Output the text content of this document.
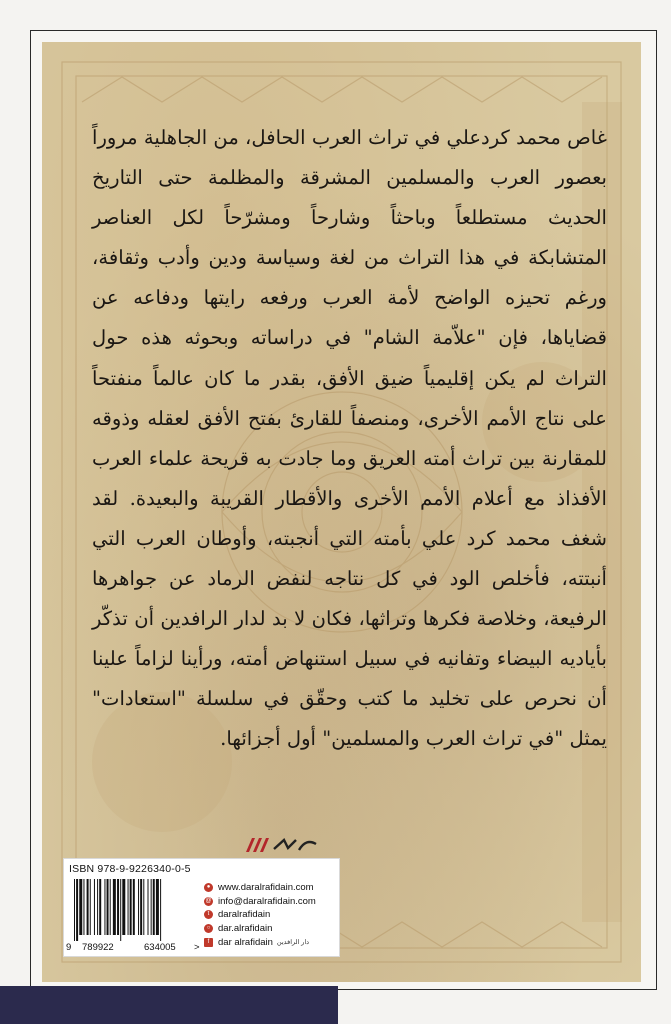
غاص محمد كردعلي في تراث العرب الحافل، من الجاهلية مروراً بعصور العرب والمسلمين المشرقة والمظلمة حتى التاريخ الحديث مستطلعاً وباحثاً وشارحاً ومشرّحاً لكل العناصر المتشابكة في هذا التراث من لغة وسياسة ودين وأدب وثقافة، ورغم تحيزه الواضح لأمة العرب ورفعه رايتها ودفاعه عن قضاياها، فإن "علاّمة الشام" في دراساته وبحوثه هذه حول التراث لم يكن إقليمياً ضيق الأفق، بقدر ما كان عالماً منفتحاً على نتاج الأمم الأخرى، ومنصفاً للقارئ بفتح الأفق لعقله وذوقه للمقارنة بين تراث أمته العريق وما جادت به قريحة علماء العرب الأفذاذ مع أعلام الأمم الأخرى والأقطار القريبة والبعيدة. لقد شغف محمد كرد علي بأمته التي أنجبته، وأوطان العرب التي أنبتته، فأخلص الود في كل نتاجه لنفض الرماد عن جواهرها الرفيعة، وخلاصة فكرها وتراثها، فكان لا بد لدار الرافدين أن تذكّر بأياديه البيضاء وتفانيه في سبيل استنهاض أمته، ورأينا لزاماً علينا أن نحرص على تخليد ما كتب وحقّق في سلسلة "استعادات" يمثل "في تراث العرب والمسلمين" أول أجزائها.
ISBN 978-9-9226340-0-5
9 789922	634005 >
● www.daralrafidain.com
@ info@daralrafidain.com
t daralrafidain
○ dar.alrafidain
f dar alrafidain دار الرافدين
